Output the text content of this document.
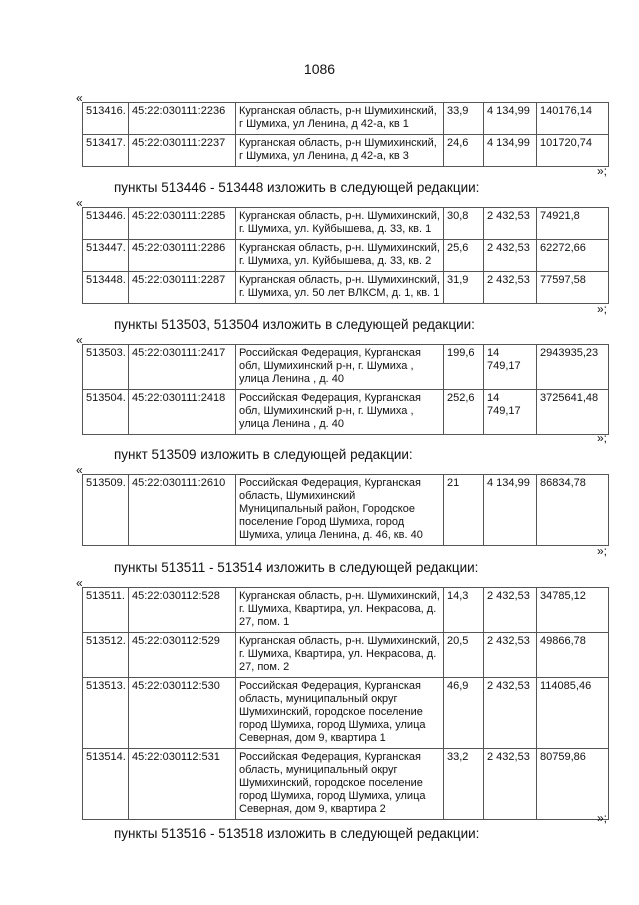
1086
«
513416.	45:22:030111:2236	Курганская область, р-н Шумихинский, г Шумиха, ул Ленина, д 42-а, кв 1	33,9	4 134,99	140176,14
513417.	45:22:030111:2237	Курганская область, р-н Шумихинский, г Шумиха, ул Ленина, д 42-а, кв 3	24,6	4 134,99	101720,74
»;
пункты 513446 - 513448 изложить в следующей редакции:
«
513446.	45:22:030111:2285	Курганская область, р-н. Шумихинский, г. Шумиха, ул. Куйбышева, д. 33, кв. 1	30,8	2 432,53	74921,8
513447.	45:22:030111:2286	Курганская область, р-н. Шумихинский, г. Шумиха, ул. Куйбышева, д. 33, кв. 2	25,6	2 432,53	62272,66
513448.	45:22:030111:2287	Курганская область, р-н. Шумихинский, г. Шумиха, ул. 50 лет ВЛКСМ, д. 1, кв. 1	31,9	2 432,53	77597,58
»;
пункты 513503, 513504 изложить в следующей редакции:
«
513503.	45:22:030111:2417	Российская Федерация, Курганская обл, Шумихинский р-н, г. Шумиха , улица Ленина , д. 40	199,6	14 749,17	2943935,23
513504.	45:22:030111:2418	Российская Федерация, Курганская обл, Шумихинский р-н, г. Шумиха , улица Ленина , д. 40	252,6	14 749,17	3725641,48
»;
пункт 513509 изложить в следующей редакции:
«
513509.	45:22:030111:2610	Российская Федерация, Курганская область, Шумихинский Муниципальный район, Городское поселение Город Шумиха, город Шумиха, улица Ленина, д. 46, кв. 40	21	4 134,99	86834,78
»;
пункты 513511 - 513514 изложить в следующей редакции:
«
513511.	45:22:030112:528	Курганская область, р-н. Шумихинский, г. Шумиха, Квартира, ул. Некрасова, д. 27, пом. 1	14,3	2 432,53	34785,12
513512.	45:22:030112:529	Курганская область, р-н. Шумихинский, г. Шумиха, Квартира, ул. Некрасова, д. 27, пом. 2	20,5	2 432,53	49866,78
513513.	45:22:030112:530	Российская Федерация, Курганская область, муниципальный округ Шумихинский, городское поселение город Шумиха, город Шумиха, улица Северная, дом 9, квартира 1	46,9	2 432,53	114085,46
513514.	45:22:030112:531	Российская Федерация, Курганская область, муниципальный округ Шумихинский, городское поселение город Шумиха, город Шумиха, улица Северная, дом 9, квартира 2	33,2	2 432,53	80759,86
»;
пункты 513516 - 513518 изложить в следующей редакции:
